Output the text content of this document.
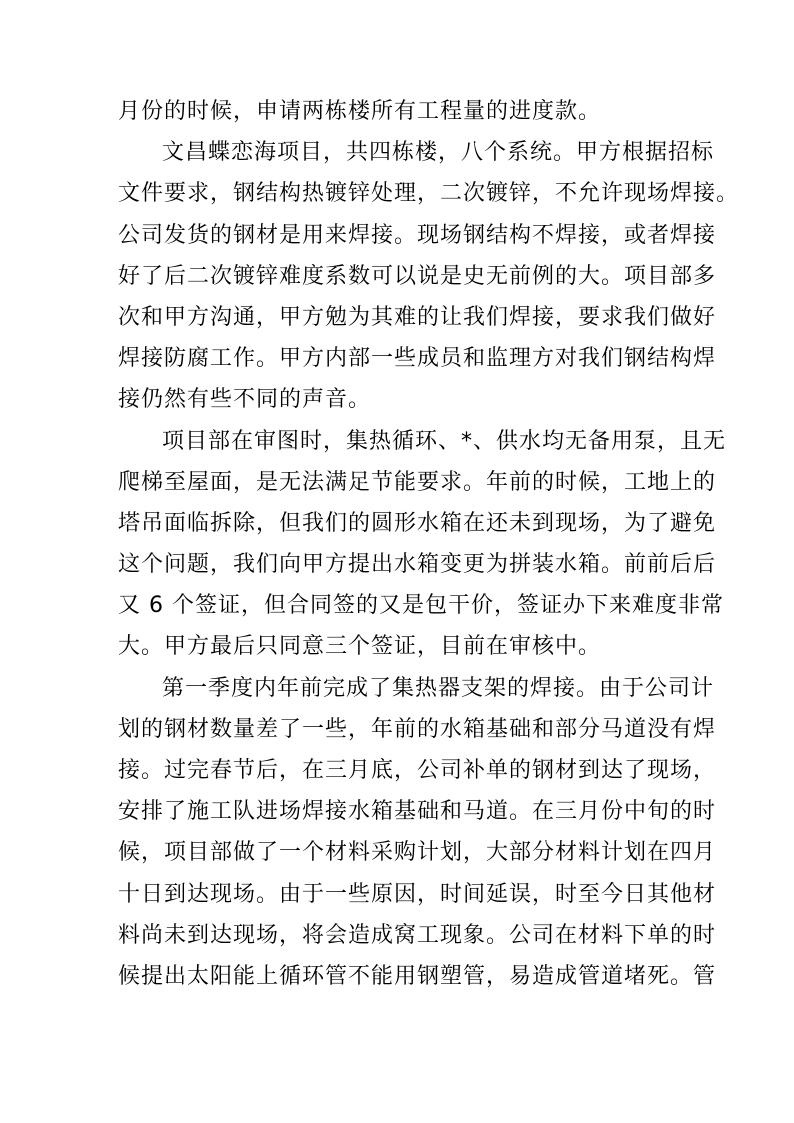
月份的时候，申请两栋楼所有工程量的进度款。
文昌蝶恋海项目，共四栋楼，八个系统。甲方根据招标
文件要求，钢结构热镀锌处理，二次镀锌，不允许现场焊接。
公司发货的钢材是用来焊接。现场钢结构不焊接，或者焊接
好了后二次镀锌难度系数可以说是史无前例的大。项目部多
次和甲方沟通，甲方勉为其难的让我们焊接，要求我们做好
焊接防腐工作。甲方内部一些成员和监理方对我们钢结构焊
接仍然有些不同的声音。
项目部在审图时，集热循环、*、供水均无备用泵，且无
爬梯至屋面，是无法满足节能要求。年前的时候，工地上的
塔吊面临拆除，但我们的圆形水箱在还未到现场，为了避免
这个问题，我们向甲方提出水箱变更为拼装水箱。前前后后
又 6 个签证，但合同签的又是包干价，签证办下来难度非常
大。甲方最后只同意三个签证，目前在审核中。
第一季度内年前完成了集热器支架的焊接。由于公司计
划的钢材数量差了一些，年前的水箱基础和部分马道没有焊
接。过完春节后，在三月底，公司补单的钢材到达了现场，
安排了施工队进场焊接水箱基础和马道。在三月份中旬的时
候，项目部做了一个材料采购计划，大部分材料计划在四月
十日到达现场。由于一些原因，时间延误，时至今日其他材
料尚未到达现场，将会造成窝工现象。公司在材料下单的时
候提出太阳能上循环管不能用钢塑管，易造成管道堵死。管
